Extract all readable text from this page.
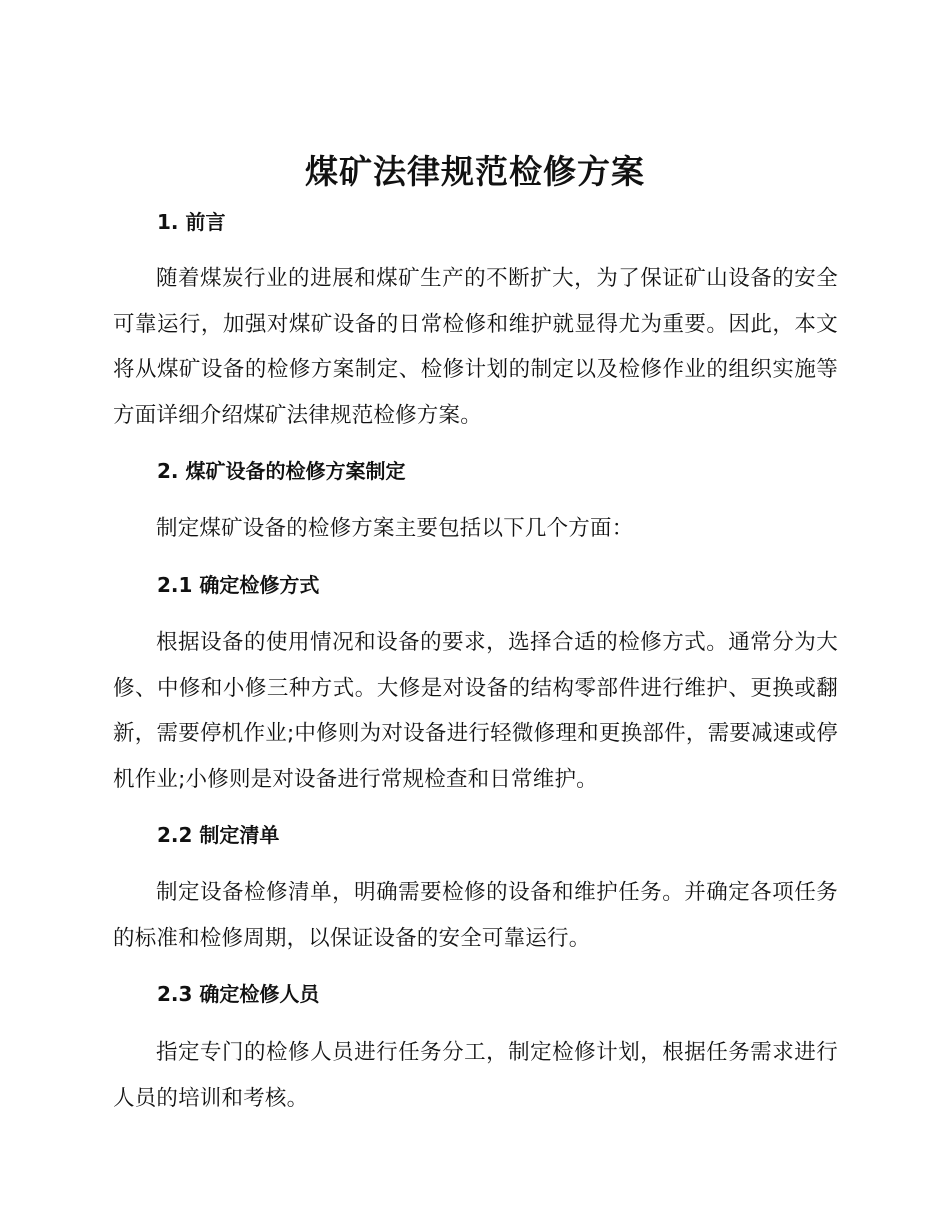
煤矿法律规范检修方案
1. 前言

随着煤炭行业的进展和煤矿生产的不断扩大，为了保证矿山设备的安全可靠运行，加强对煤矿设备的日常检修和维护就显得尤为重要。因此，本文将从煤矿设备的检修方案制定、检修计划的制定以及检修作业的组织实施等方面详细介绍煤矿法律规范检修方案。

2. 煤矿设备的检修方案制定

制定煤矿设备的检修方案主要包括以下几个方面：

2.1 确定检修方式

根据设备的使用情况和设备的要求，选择合适的检修方式。通常分为大修、中修和小修三种方式。大修是对设备的结构零部件进行维护、更换或翻新，需要停机作业;中修则为对设备进行轻微修理和更换部件，需要减速或停机作业;小修则是对设备进行常规检查和日常维护。

2.2 制定清单

制定设备检修清单，明确需要检修的设备和维护任务。并确定各项任务的标准和检修周期，以保证设备的安全可靠运行。

2.3 确定检修人员

指定专门的检修人员进行任务分工，制定检修计划，根据任务需求进行人员的培训和考核。
